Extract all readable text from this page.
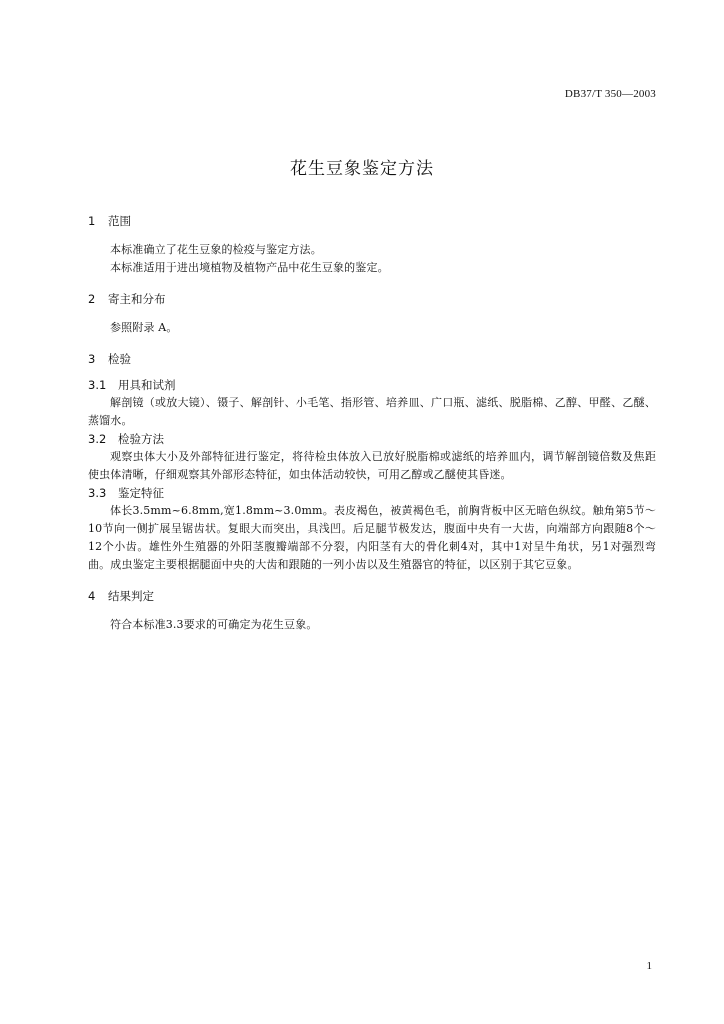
DB37/T 350—2003
花生豆象鉴定方法
1	范围

本标准确立了花生豆象的检疫与鉴定方法。

本标准适用于进出境植物及植物产品中花生豆象的鉴定。

2	寄主和分布

参照附录 A。

3	检验
3.1	用具和试剂

解剖镜（或放大镜）、镊子、解剖针、小毛笔、指形管、培养皿、广口瓶、滤纸、脱脂棉、乙醇、甲醛、乙醚、蒸馏水。

3.2	检验方法

观察虫体大小及外部特征进行鉴定，将待检虫体放入已放好脱脂棉或滤纸的培养皿内，调节解剖镜倍数及焦距使虫体清晰，仔细观察其外部形态特征，如虫体活动较快，可用乙醇或乙醚使其昏迷。

3.3	鉴定特征

体长3.5mm~6.8mm,宽1.8mm~3.0mm。表皮褐色，被黄褐色毛，前胸背板中区无暗色纵纹。触角第5节～10节向一侧扩展呈锯齿状。复眼大而突出，具浅凹。后足腿节极发达，腹面中央有一大齿，向端部方向跟随8个～12个小齿。雄性外生殖器的外阳茎腹瓣端部不分裂，内阳茎有大的骨化刺4对，其中1对呈牛角状，另1对强烈弯曲。成虫鉴定主要根据腿面中央的大齿和跟随的一列小齿以及生殖器官的特征，以区别于其它豆象。

4	结果判定

符合本标准3.3要求的可确定为花生豆象。

1
